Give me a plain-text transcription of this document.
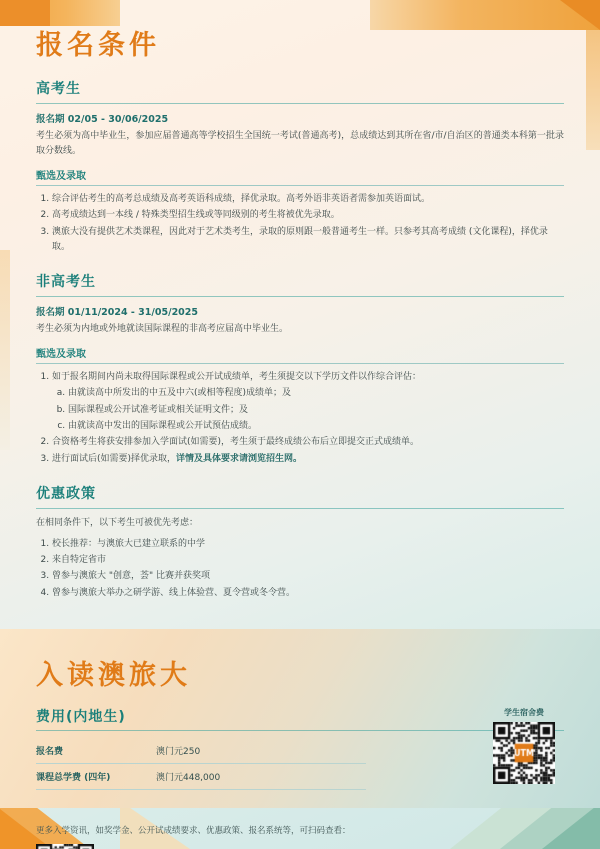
报名条件
高考生
报名期 02/05 - 30/06/2025

考生必须为高中毕业生，参加应届普通高等学校招生全国统一考试(普通高考)，总成绩达到其所在省/市/自治区的普通类本科第一批录取分数线。

甄选及录取
1. 综合评估考生的高考总成绩及高考英语科成绩，择优录取。高考外语非英语者需参加英语面试。
2. 高考成绩达到一本线 / 特殊类型招生线或等同级别的考生将被优先录取。
3. 澳旅大没有提供艺术类课程，因此对于艺术类考生，录取的原则跟一般普通考生一样。只参考其高考成绩 (文化课程)，择优录取。
非高考生
报名期 01/11/2024 - 31/05/2025

考生必须为内地或外地就读国际课程的非高考应届高中毕业生。

甄选及录取
1. 如于报名期间内尚未取得国际课程或公开试成绩单，考生须提交以下学历文件以作综合评估：
a. 由就读高中所发出的中五及中六(或相等程度)成绩单；及
b. 国际课程或公开试准考证或相关证明文件；及
c. 由就读高中发出的国际课程或公开试预估成绩。
2. 合资格考生将获安排参加入学面试(如需要)，考生须于最终成绩公布后立即提交正式成绩单。
3. 进行面试后(如需要)择优录取，详情及具体要求请浏览招生网。
优惠政策

在相同条件下，以下考生可被优先考虑：

1. 校长推荐：与澳旅大已建立联系的中学
2. 来自特定省市
3. 曾参与澳旅大 "创意，荟" 比赛并获奖项
4. 曾参与澳旅大举办之研学游、线上体验营、夏令营或冬令营。
入读澳旅大
费用(内地生)
报名费	澳门元250
课程总学费 (四年)	澳门元448,000
学生宿舍费
更多入学资讯，如奖学金、公开试成绩要求、优惠政策、报名系统等，可扫码查看：
